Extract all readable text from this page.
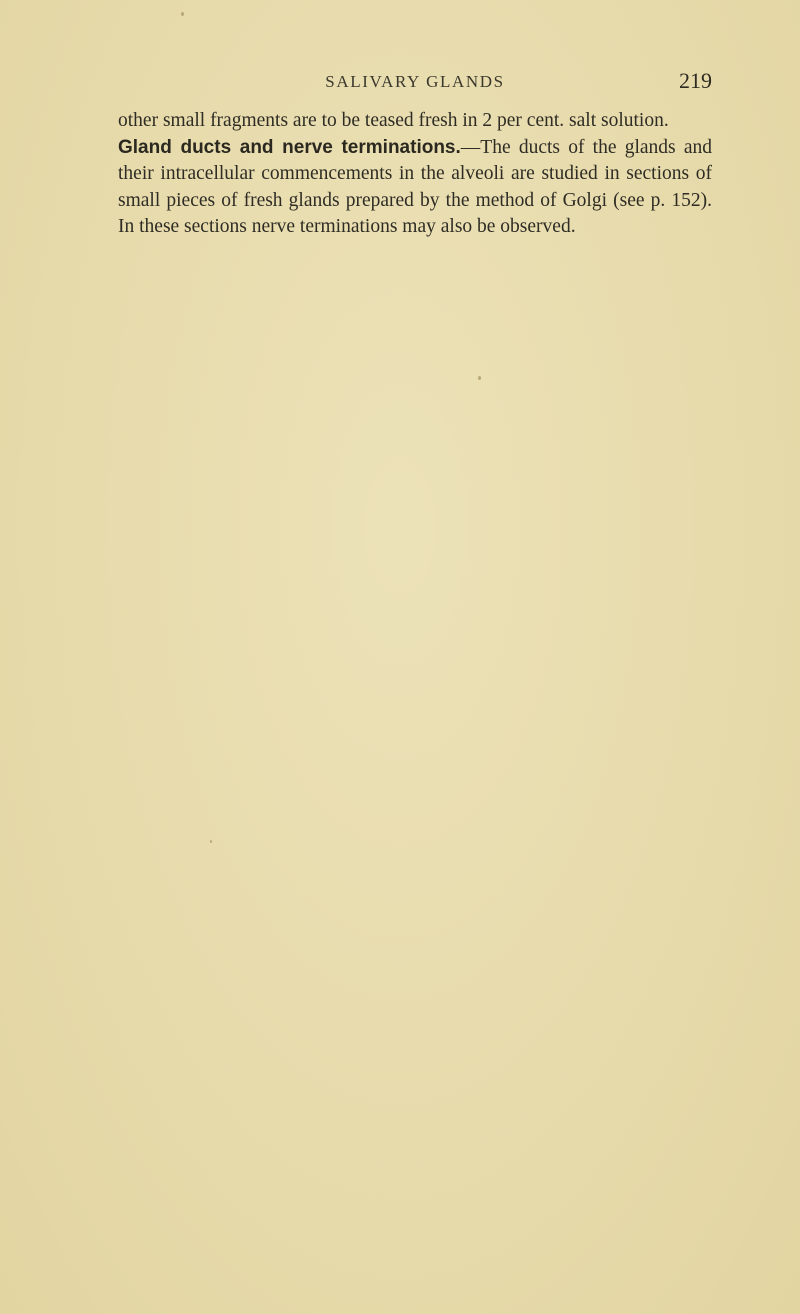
SALIVARY GLANDS	219

other small fragments are to be teased fresh in 2 per cent. salt solution.

Gland ducts and nerve terminations.—The ducts of the glands and their intracellular commencements in the alveoli are studied in sections of small pieces of fresh glands prepared by the method of Golgi (see p. 152). In these sections nerve terminations may also be observed.
